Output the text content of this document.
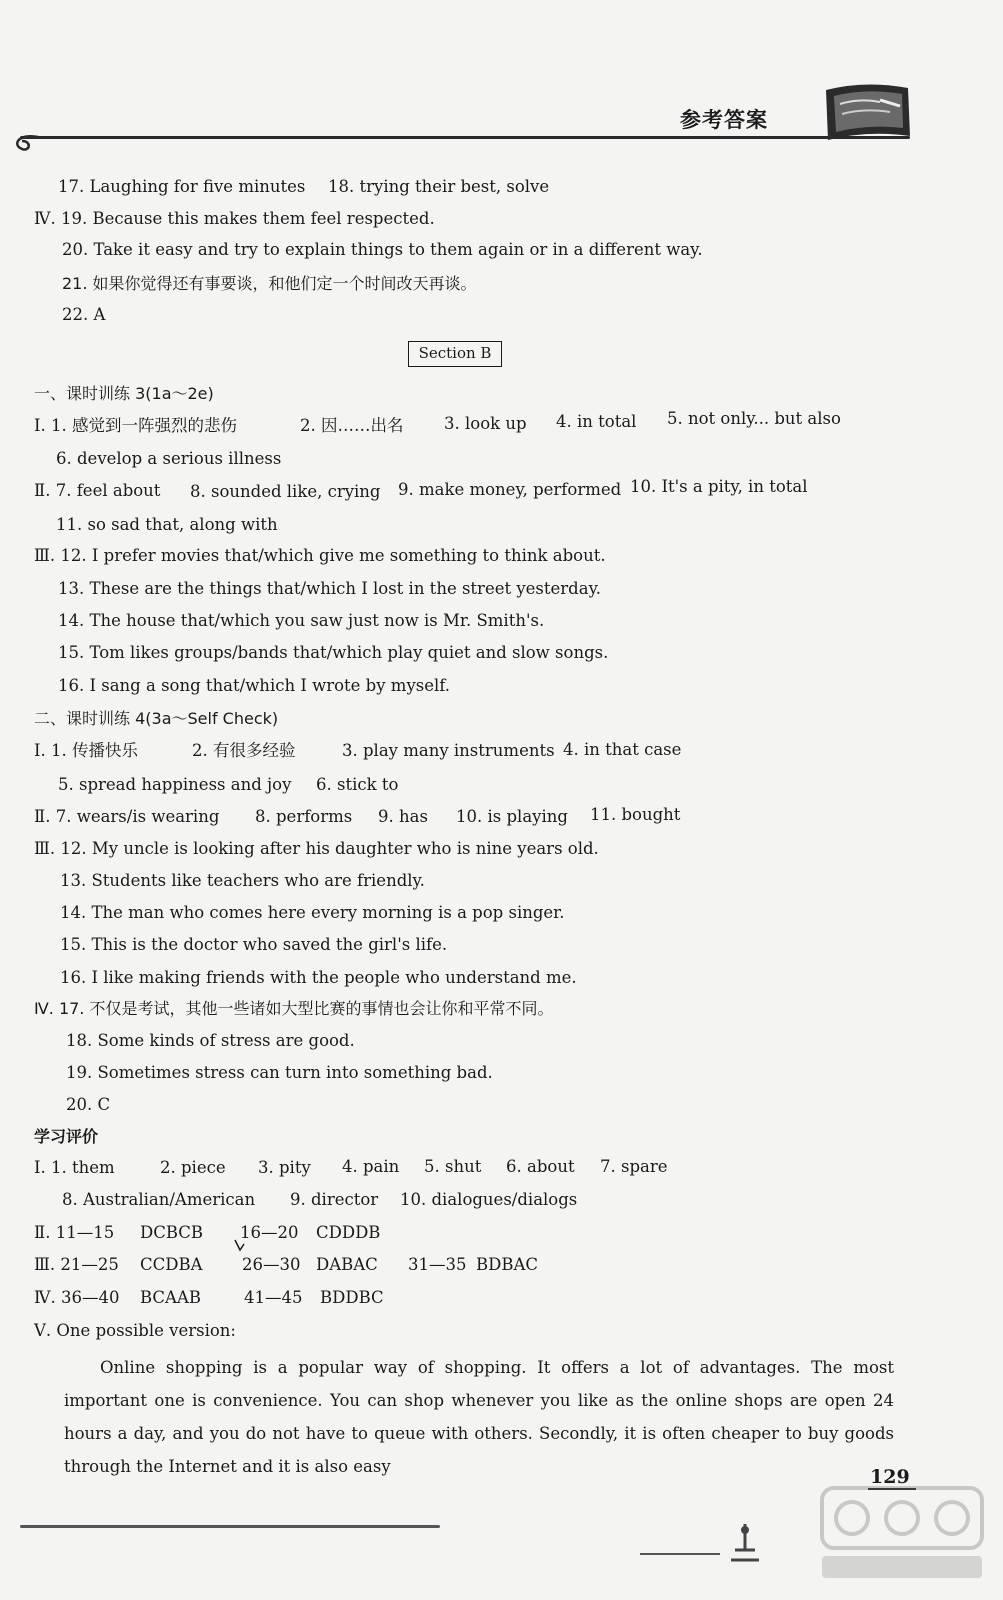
参考答案
17. Laughing for five minutes 18. trying their best, solve
Ⅳ. 19. Because this makes them feel respected.
20. Take it easy and try to explain things to them again or in a different way.
21. 如果你觉得还有事要谈，和他们定一个时间改天再谈。
22. A
Section B
一、课时训练 3(1a～2e)
Ⅰ. 1. 感觉到一阵强烈的悲伤	2. 因……出名 3. look up 4. in total 5. not only... but also
6. develop a serious illness
Ⅱ. 7. feel about 8. sounded like, crying 9. make money, performed 10. It's a pity, in total
11. so sad that, along with
Ⅲ. 12. I prefer movies that/which give me something to think about.
13. These are the things that/which I lost in the street yesterday.
14. The house that/which you saw just now is Mr. Smith's.
15. Tom likes groups/bands that/which play quiet and slow songs.
16. I sang a song that/which I wrote by myself.
二、课时训练 4(3a～Self Check)
Ⅰ. 1. 传播快乐	2. 有很多经验	3. play many instruments 4. in that case
5. spread happiness and joy 6. stick to
Ⅱ. 7. wears/is wearing 8. performs 9. has 10. is playing 11. bought
Ⅲ. 12. My uncle is looking after his daughter who is nine years old.
13. Students like teachers who are friendly.
14. The man who comes here every morning is a pop singer.
15. This is the doctor who saved the girl's life.
16. I like making friends with the people who understand me.
Ⅳ. 17. 不仅是考试，其他一些诸如大型比赛的事情也会让你和平常不同。
18. Some kinds of stress are good.
19. Sometimes stress can turn into something bad.
20. C
学习评价
Ⅰ. 1. them	2. piece 3. pity 4. pain 5. shut 6. about 7. spare
8. Australian/American 9. director 10. dialogues/dialogs
Ⅱ. 11—15 DCBCB 16—20 CDDDB
Ⅲ. 21—25 CCDBA 26—30 DABAC 31—35 BDBAC
Ⅳ. 36—40 BCAAB	41—45 BDDBC
Ⅴ. One possible version:
Online shopping is a popular way of shopping. It offers a lot of advantages. The most important one is convenience. You can shop whenever you like as the online shops are open 24 hours a day, and you do not have to queue with others. Secondly, it is often cheaper to buy goods through the Internet and it is also easy	129
